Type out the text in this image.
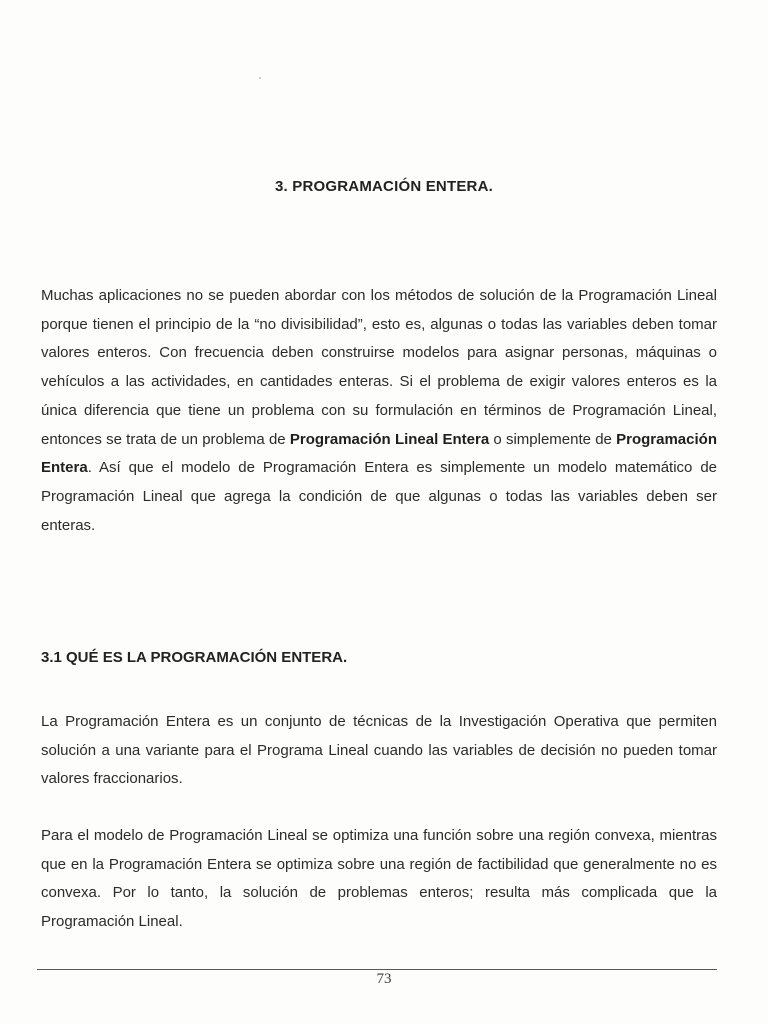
3. PROGRAMACIÓN ENTERA.

Muchas aplicaciones no se pueden abordar con los métodos de solución de la Programación Lineal porque tienen el principio de la “no divisibilidad”, esto es, algunas o todas las variables deben tomar valores enteros. Con frecuencia deben construirse modelos para asignar personas, máquinas o vehículos a las actividades, en cantidades enteras. Si el problema de exigir valores enteros es la única diferencia que tiene un problema con su formulación en términos de Programación Lineal, entonces se trata de un problema de Programación Lineal Entera o simplemente de Programación Entera. Así que el modelo de Programación Entera es simplemente un modelo matemático de Programación Lineal que agrega la condición de que algunas o todas las variables deben ser enteras.

3.1 QUÉ ES LA PROGRAMACIÓN ENTERA.

La Programación Entera es un conjunto de técnicas de la Investigación Operativa que permiten solución a una variante para el Programa Lineal cuando las variables de decisión no pueden tomar valores fraccionarios.

Para el modelo de Programación Lineal se optimiza una función sobre una región convexa, mientras que en la Programación Entera se optimiza sobre una región de factibilidad que generalmente no es convexa. Por lo tanto, la solución de problemas enteros; resulta más complicada que la Programación Lineal.

73
